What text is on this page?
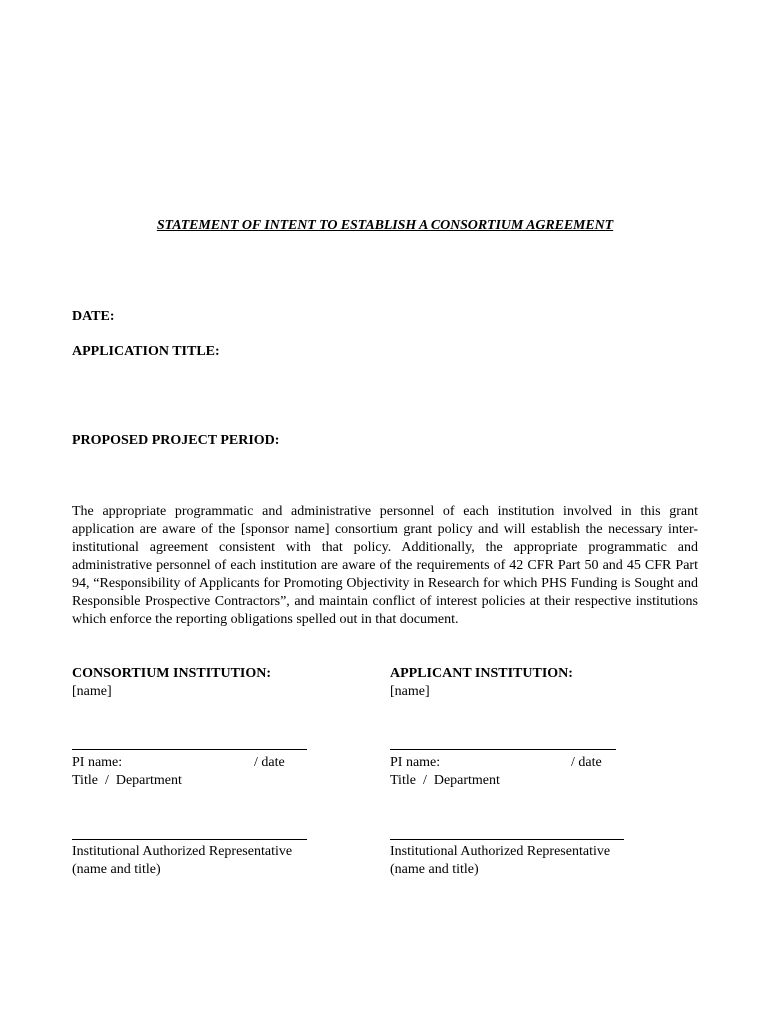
STATEMENT OF INTENT TO ESTABLISH A CONSORTIUM AGREEMENT
DATE:
APPLICATION TITLE:
PROPOSED PROJECT PERIOD:

The appropriate programmatic and administrative personnel of each institution involved in this grant application are aware of the [sponsor name] consortium grant policy and will establish the necessary inter-institutional agreement consistent with that policy. Additionally, the appropriate programmatic and administrative personnel of each institution are aware of the requirements of 42 CFR Part 50 and 45 CFR Part 94, “Responsibility of Applicants for Promoting Objectivity in Research for which PHS Funding is Sought and Responsible Prospective Contractors”, and maintain conflict of interest policies at their respective institutions which enforce the reporting obligations spelled out in that document.

CONSORTIUM INSTITUTION:
[name]
PI name:	/ date
Title  /  Department
Institutional Authorized Representative
(name and title)
APPLICANT INSTITUTION:
[name]
PI name:	/ date
Title  /  Department
Institutional Authorized Representative
(name and title)
